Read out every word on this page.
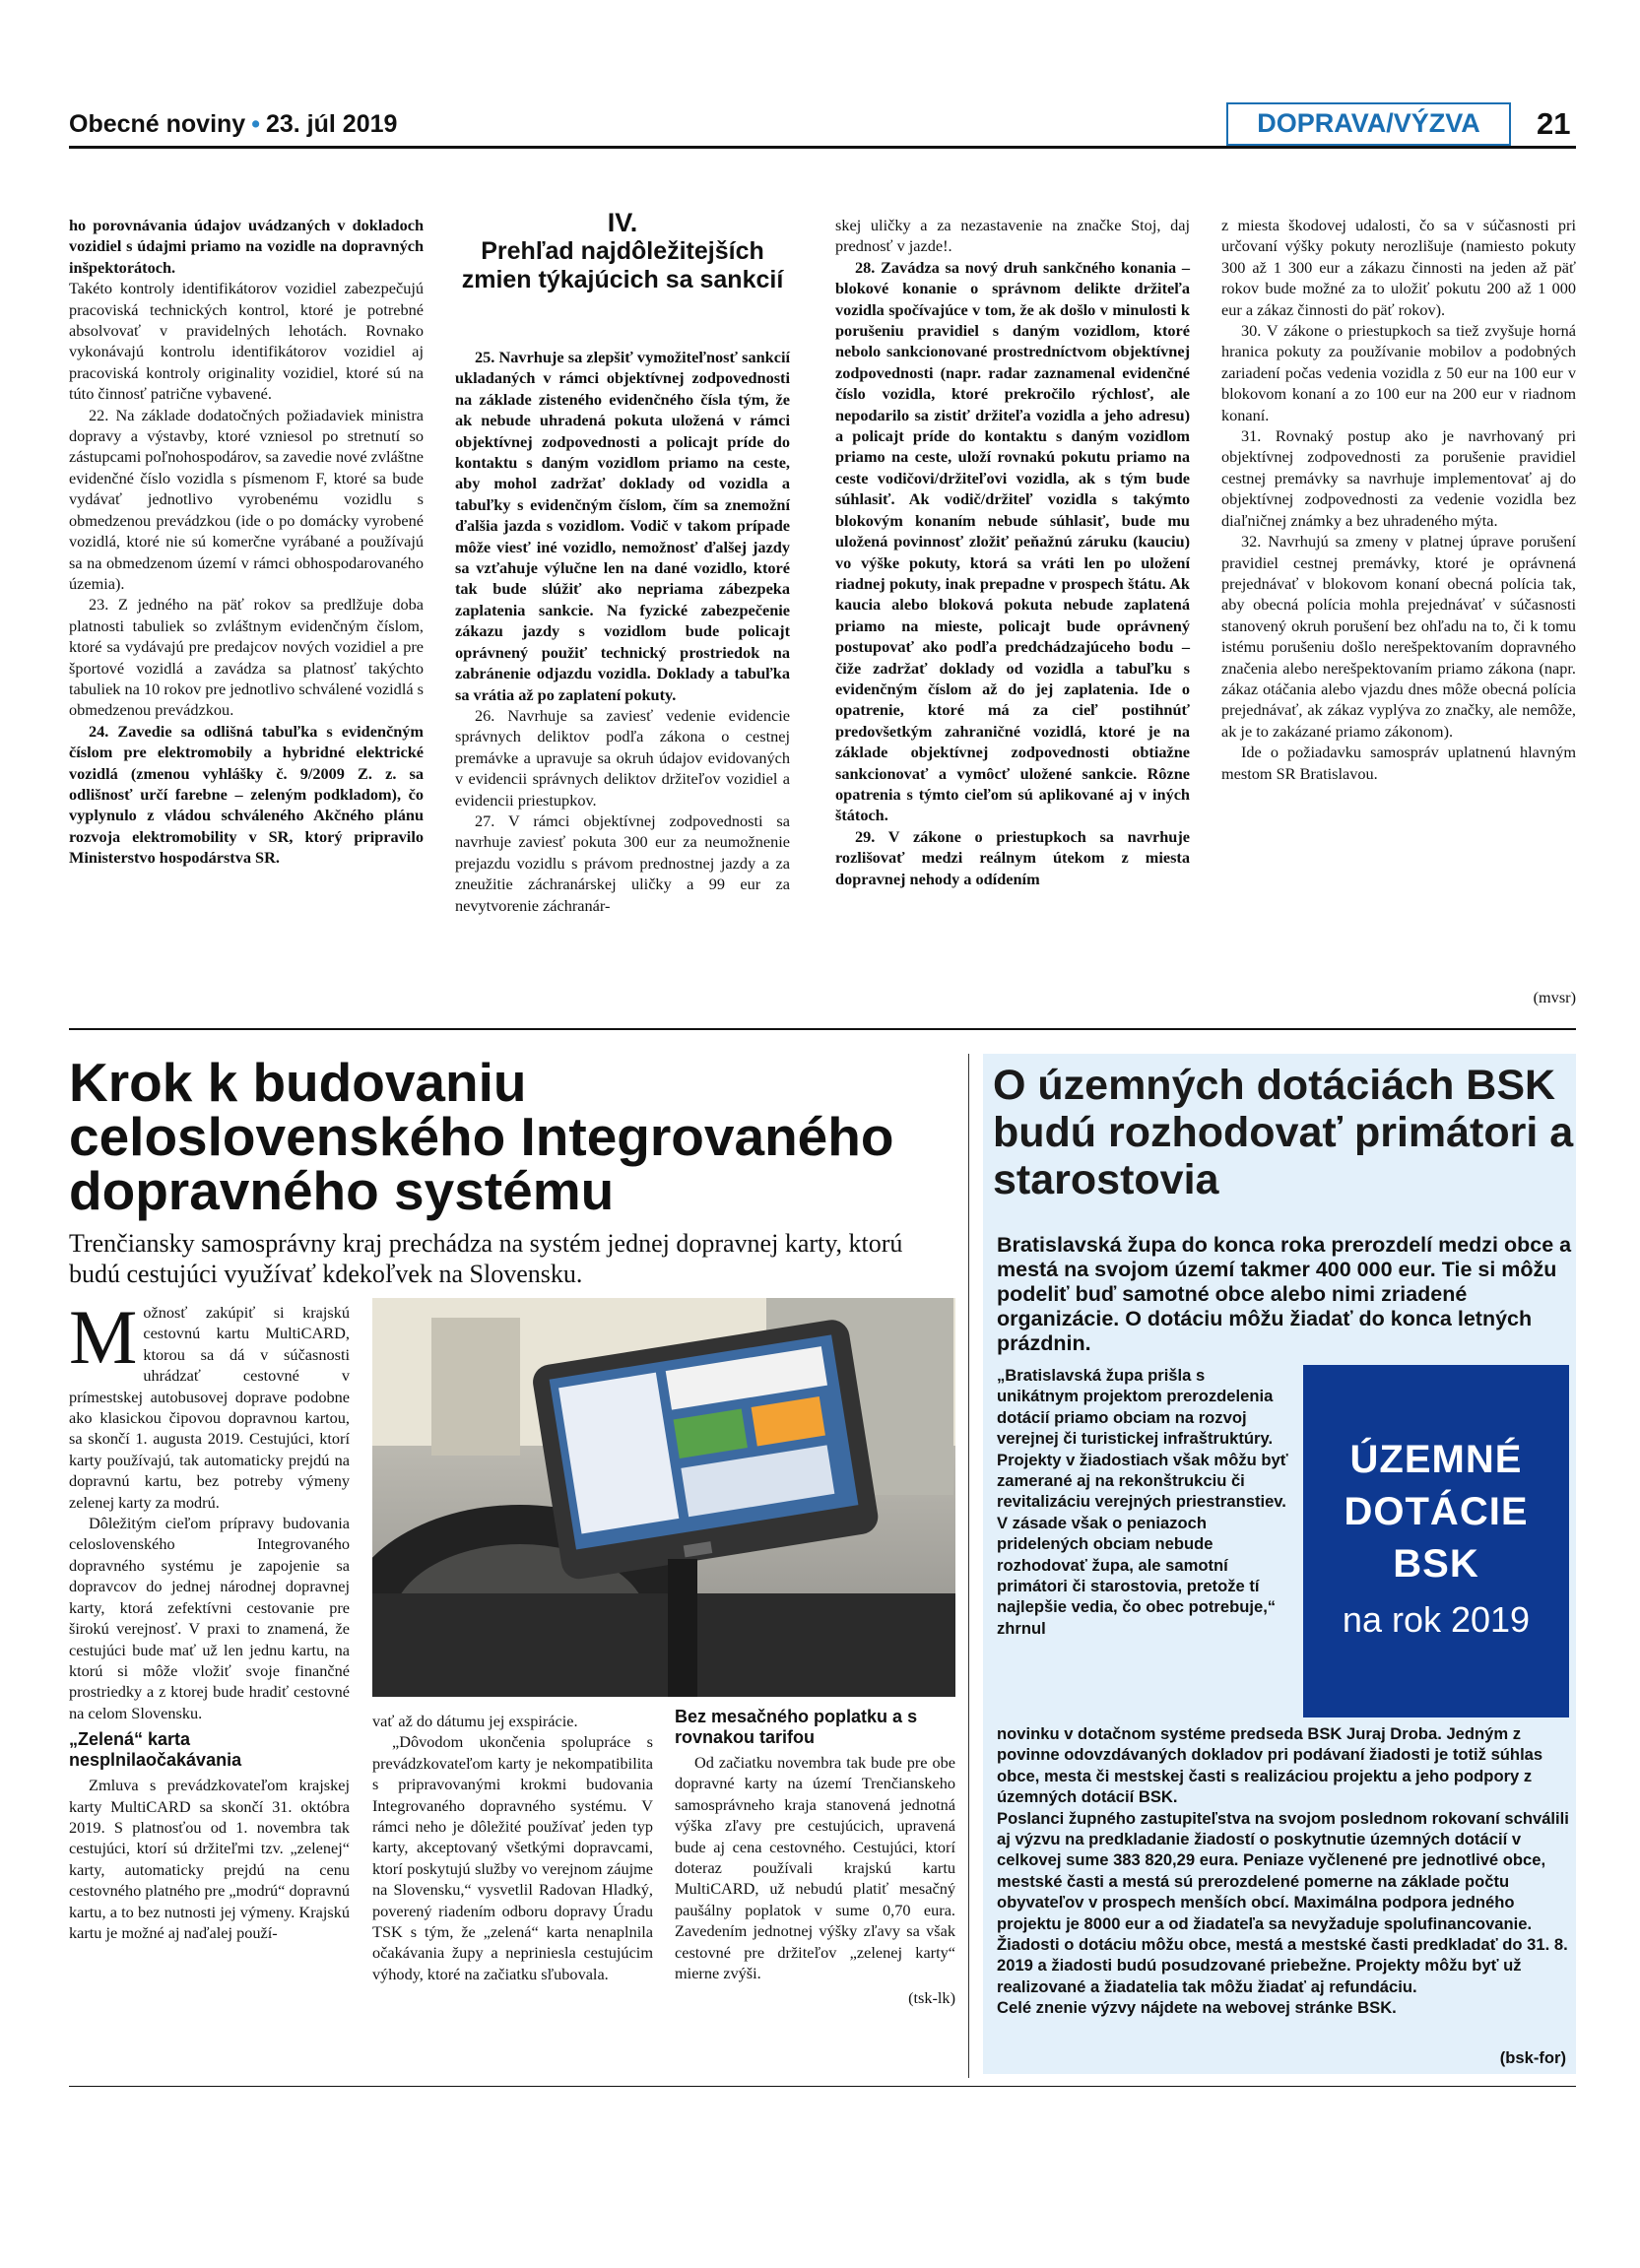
Obecné noviny • 23. júl 2019	DOPRAVA/VÝZVA	21

ho porovnávania údajov uvádzaných v dokladoch vozidiel s údajmi priamo na vozidle na dopravných inšpektorátoch.

Takéto kontroly identifikátorov vozidiel zabezpečujú pracoviská technických kontrol, ktoré je potrebné absolvovať v pravidelných lehotách. Rovnako vykonávajú kontrolu identifikátorov vozidiel aj pracoviská kontroly originality vozidiel, ktoré sú na túto činnosť patrične vybavené.

22. Na základe dodatočných požiadaviek ministra dopravy a výstavby, ktoré vzniesol po stretnutí so zástupcami poľnohospodárov, sa zavedie nové zvláštne evidenčné číslo vozidla s písmenom F, ktoré sa bude vydávať jednotlivo vyrobenému vozidlu s obmedzenou prevádzkou (ide o po domácky vyrobené vozidlá, ktoré nie sú komerčne vyrábané a používajú sa na obmedzenom území v rámci obhospodarovaného územia).

23. Z jedného na päť rokov sa predlžuje doba platnosti tabuliek so zvláštnym evidenčným číslom, ktoré sa vydávajú pre predajcov nových vozidiel a pre športové vozidlá a zavádza sa platnosť takýchto tabuliek na 10 rokov pre jednotlivo schválené vozidlá s obmedzenou prevádzkou.

24. Zavedie sa odlišná tabuľka s evidenčným číslom pre elektromobily a hybridné elektrické vozidlá (zmenou vyhlášky č. 9/2009 Z. z. sa odlišnosť určí farebne – zeleným podkladom), čo vyplynulo z vládou schváleného Akčného plánu rozvoja elektromobility v SR, ktorý pripravilo Ministerstvo hospodárstva SR.

IV.
Prehľad najdôležitejších zmien týkajúcich sa sankcií

25. Navrhuje sa zlepšiť vymožiteľnosť sankcií ukladaných v rámci objektívnej zodpovednosti na základe zisteného evidenčného čísla tým, že ak nebude uhradená pokuta uložená v rámci objektívnej zodpovednosti a policajt príde do kontaktu s daným vozidlom priamo na ceste, aby mohol zadržať doklady od vozidla a tabuľky s evidenčným číslom, čím sa znemožní ďalšia jazda s vozidlom. Vodič v takom prípade môže viesť iné vozidlo, nemožnosť ďalšej jazdy sa vzťahuje výlučne len na dané vozidlo, ktoré tak bude slúžiť ako nepriama zábezpeka zaplatenia sankcie. Na fyzické zabezpečenie zákazu jazdy s vozidlom bude policajt oprávnený použiť technický prostriedok na zabránenie odjazdu vozidla. Doklady a tabuľka sa vrátia až po zaplatení pokuty.

26. Navrhuje sa zaviesť vedenie evidencie správnych deliktov podľa zákona o cestnej premávke a upravuje sa okruh údajov evidovaných v evidencii správnych deliktov držiteľov vozidiel a evidencii priestupkov.

27. V rámci objektívnej zodpovednosti sa navrhuje zaviesť pokuta 300 eur za neumožnenie prejazdu vozidlu s právom prednostnej jazdy a za zneužitie záchranárskej uličky a 99 eur za nevytvorenie záchranár-

skej uličky a za nezastavenie na značke Stoj, daj prednosť v jazde!.

28. Zavádza sa nový druh sankčného konania – blokové konanie o správnom delikte držiteľa vozidla spočívajúce v tom, že ak došlo v minulosti k porušeniu pravidiel s daným vozidlom, ktoré nebolo sankcionované prostredníctvom objektívnej zodpovednosti (napr. radar zaznamenal evidenčné číslo vozidla, ktoré prekročilo rýchlosť, ale nepodarilo sa zistiť držiteľa vozidla a jeho adresu) a policajt príde do kontaktu s daným vozidlom priamo na ceste, uloží rovnakú pokutu priamo na ceste vodičovi/držiteľovi vozidla, ak s tým bude súhlasiť. Ak vodič/držiteľ vozidla s takýmto blokovým konaním nebude súhlasiť, bude mu uložená povinnosť zložiť peňažnú záruku (kauciu) vo výške pokuty, ktorá sa vráti len po uložení riadnej pokuty, inak prepadne v prospech štátu. Ak kaucia alebo bloková pokuta nebude zaplatená priamo na mieste, policajt bude oprávnený postupovať ako podľa predchádzajúceho bodu – čiže zadržať doklady od vozidla a tabuľku s evidenčným číslom až do jej zaplatenia. Ide o opatrenie, ktoré má za cieľ postihnúť predovšetkým zahraničné vozidlá, ktoré je na základe objektívnej zodpovednosti obtiažne sankcionovať a vymôcť uložené sankcie. Rôzne opatrenia s týmto cieľom sú aplikované aj v iných štátoch.

29. V zákone o priestupkoch sa navrhuje rozlišovať medzi reálnym útekom z miesta dopravnej nehody a odídením

z miesta škodovej udalosti, čo sa v súčasnosti pri určovaní výšky pokuty nerozlišuje (namiesto pokuty 300 až 1 300 eur a zákazu činnosti na jeden až päť rokov bude možné za to uložiť pokutu 200 až 1 000 eur a zákaz činnosti do päť rokov).

30. V zákone o priestupkoch sa tiež zvyšuje horná hranica pokuty za používanie mobilov a podobných zariadení počas vedenia vozidla z 50 eur na 100 eur v blokovom konaní a zo 100 eur na 200 eur v riadnom konaní.

31. Rovnaký postup ako je navrhovaný pri objektívnej zodpovednosti za porušenie pravidiel cestnej premávky sa navrhuje implementovať aj do objektívnej zodpovednosti za vedenie vozidla bez diaľničnej známky a bez uhradeného mýta.

32. Navrhujú sa zmeny v platnej úprave porušení pravidiel cestnej premávky, ktoré je oprávnená prejednávať v blokovom konaní obecná polícia tak, aby obecná polícia mohla prejednávať v súčasnosti stanovený okruh porušení bez ohľadu na to, či k tomu istému porušeniu došlo nerešpektovaním dopravného značenia alebo nerešpektovaním priamo zákona (napr. zákaz otáčania alebo vjazdu dnes môže obecná polícia prejednávať, ak zákaz vyplýva zo značky, ale nemôže, ak je to zakázané priamo zákonom).

Ide o požiadavku samospráv uplatnenú hlavným mestom SR Bratislavou.

(mvsr)
Krok k budovaniu celoslovenského Integrovaného dopravného systému
Trenčiansky samosprávny kraj prechádza na systém jednej dopravnej karty, ktorú budú cestujúci využívať kdekoľvek na Slovensku.

Možnosť zakúpiť si krajskú cestovnú kartu MultiCARD, ktorou sa dá v súčasnosti uhrádzať cestovné v prímestskej autobusovej doprave podobne ako klasickou čipovou dopravnou kartou, sa skončí 1. augusta 2019. Cestujúci, ktorí karty používajú, tak automaticky prejdú na dopravnú kartu, bez potreby výmeny zelenej karty za modrú.

Dôležitým cieľom prípravy budovania celoslovenského Integrovaného dopravného systému je zapojenie sa dopravcov do jednej národnej dopravnej karty, ktorá zefektívni cestovanie pre širokú verejnosť. V praxi to znamená, že cestujúci bude mať už len jednu kartu, na ktorú si môže vložiť svoje finančné prostriedky a z ktorej bude hradiť cestovné na celom Slovensku.

„Zelená“ karta nesplnilaočakávania

Zmluva s prevádzkovateľom krajskej karty MultiCARD sa skončí 31. októbra 2019. S platnosťou od 1. novembra tak cestujúci, ktorí sú držiteľmi tzv. „zelenej“ karty, automaticky prejdú na cenu cestovného platného pre „modrú“ dopravnú kartu, a to bez nutnosti jej výmeny. Krajskú kartu je možné aj naďalej použí-

vať až do dátumu jej exspirácie.

„Dôvodom ukončenia spolupráce s prevádzkovateľom karty je nekompatibilita s pripravovanými krokmi budovania Integrovaného dopravného systému. V rámci neho je dôležité používať jeden typ karty, akceptovaný všetkými dopravcami, ktorí poskytujú služby vo verejnom záujme na Slovensku,“ vysvetlil Radovan Hladký, poverený riadením odboru dopravy Úradu TSK s tým, že „zelená“ karta nenaplnila očakávania župy a nepriniesla cestujúcim výhody, ktoré na začiatku sľubovala.

Bez mesačného poplatku a s rovnakou tarifou

Od začiatku novembra tak bude pre obe dopravné karty na území Trenčianskeho samosprávneho kraja stanovená jednotná výška zľavy pre cestujúcich, upravená bude aj cena cestovného. Cestujúci, ktorí doteraz používali krajskú kartu MultiCARD, už nebudú platiť mesačný paušálny poplatok v sume 0,70 eura. Zavedením jednotnej výšky zľavy sa však cestovné pre držiteľov „zelenej karty“ mierne zvýši.

(tsk-lk)
O územných dotáciách BSK budú rozhodovať primátori a starostovia
Bratislavská župa do konca roka prerozdelí medzi obce a mestá na svojom území takmer 400 000 eur. Tie si môžu podeliť buď samotné obce alebo nimi zriadené organizácie. O dotáciu môžu žiadať do konca letných prázdnin.
„Bratislavská župa prišla s unikátnym projektom prerozdelenia dotácií priamo obciam na rozvoj verejnej či turistickej infraštruktúry. Projekty v žiadostiach však môžu byť zamerané aj na rekonštrukciu či revitalizáciu verejných priestranstiev. V zásade však o peniazoch pridelených obciam nebude rozhodovať župa, ale samotní primátori či starostovia, pretože tí najlepšie vedia, čo obec potrebuje,“ zhrnul
ÚZEMNÉ
DOTÁCIE
BSK
na rok 2019

novinku v dotačnom systéme predseda BSK Juraj Droba. Jedným z povinne odovzdávaných dokladov pri podávaní žiadosti je totiž súhlas obce, mesta či mestskej časti s realizáciou projektu a jeho podpory z územných dotácií BSK.

Poslanci župného zastupiteľstva na svojom poslednom rokovaní schválili aj výzvu na predkladanie žiadostí o poskytnutie územných dotácií v celkovej sume 383 820,29 eura. Peniaze vyčlenené pre jednotlivé obce, mestské časti a mestá sú prerozdelené pomerne na základe počtu obyvateľov v prospech menších obcí. Maximálna podpora jedného projektu je 8000 eur a od žiadateľa sa nevyžaduje spolufinancovanie.

Žiadosti o dotáciu môžu obce, mestá a mestské časti predkladať do 31. 8. 2019 a žiadosti budú posudzované priebežne. Projekty môžu byť už realizované a žiadatelia tak môžu žiadať aj refundáciu.

Celé znenie výzvy nájdete na webovej stránke BSK.

(bsk-for)
